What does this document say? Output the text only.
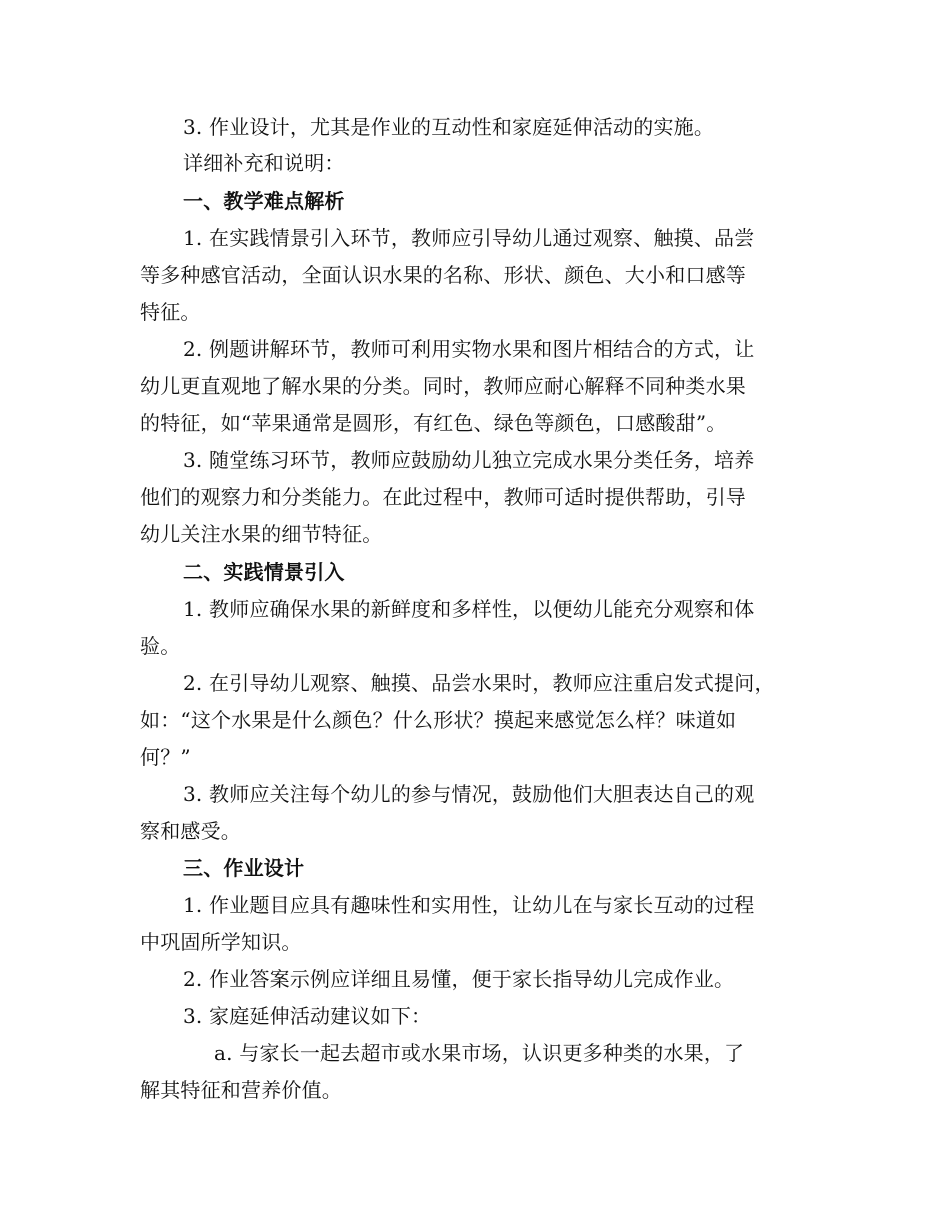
3. 作业设计，尤其是作业的互动性和家庭延伸活动的实施。
详细补充和说明：
一、教学难点解析
1. 在实践情景引入环节，教师应引导幼儿通过观察、触摸、品尝
等多种感官活动，全面认识水果的名称、形状、颜色、大小和口感等
特征。
2. 例题讲解环节，教师可利用实物水果和图片相结合的方式，让
幼儿更直观地了解水果的分类。同时，教师应耐心解释不同种类水果
的特征，如“苹果通常是圆形，有红色、绿色等颜色，口感酸甜”。
3. 随堂练习环节，教师应鼓励幼儿独立完成水果分类任务，培养
他们的观察力和分类能力。在此过程中，教师可适时提供帮助，引导
幼儿关注水果的细节特征。
二、实践情景引入
1. 教师应确保水果的新鲜度和多样性，以便幼儿能充分观察和体
验。
2. 在引导幼儿观察、触摸、品尝水果时，教师应注重启发式提问，
如：“这个水果是什么颜色？什么形状？摸起来感觉怎么样？味道如
何？”
3. 教师应关注每个幼儿的参与情况，鼓励他们大胆表达自己的观
察和感受。
三、作业设计
1. 作业题目应具有趣味性和实用性，让幼儿在与家长互动的过程
中巩固所学知识。
2. 作业答案示例应详细且易懂，便于家长指导幼儿完成作业。
3. 家庭延伸活动建议如下：
a. 与家长一起去超市或水果市场，认识更多种类的水果，了
解其特征和营养价值。
